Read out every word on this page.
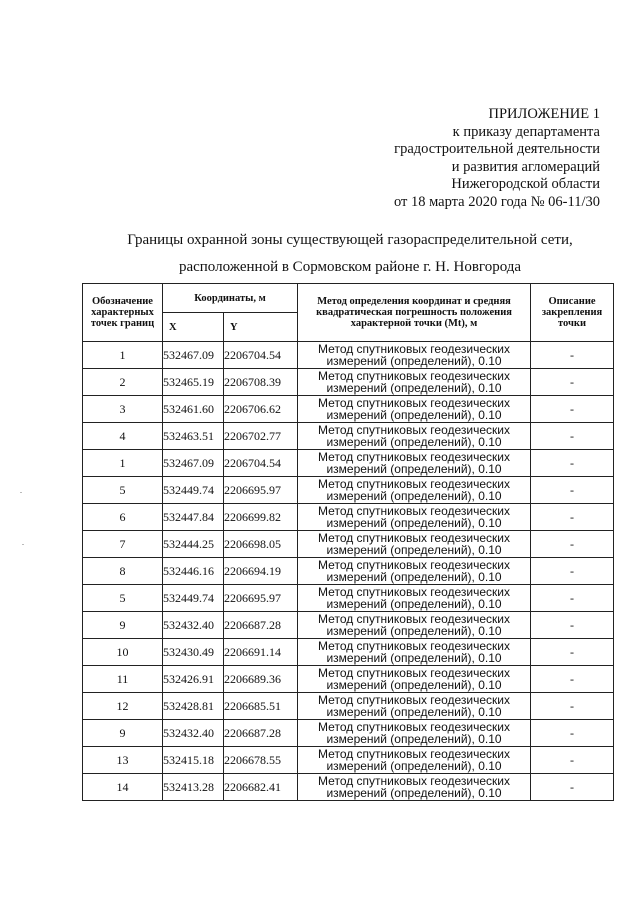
ПРИЛОЖЕНИЕ 1
к приказу департамента
градостроительной деятельности
и развития агломераций
Нижегородской области
от 18 марта 2020 года № 06-11/30
Границы охранной зоны существующей газораспределительной сети,
расположенной в Сормовском районе г. Н. Новгорода
Обозначение характерных точек границ	Координаты, м		Метод определения координат и средняя квадратическая погрешность положения характерной точки (Mt), м	Описание закрепления точки
	X	Y		
1	532467.09	2206704.54	Метод спутниковых геодезических измерений (определений), 0.10	-
2	532465.19	2206708.39	Метод спутниковых геодезических измерений (определений), 0.10	-
3	532461.60	2206706.62	Метод спутниковых геодезических измерений (определений), 0.10	-
4	532463.51	2206702.77	Метод спутниковых геодезических измерений (определений), 0.10	-
1	532467.09	2206704.54	Метод спутниковых геодезических измерений (определений), 0.10	-
5	532449.74	2206695.97	Метод спутниковых геодезических измерений (определений), 0.10	-
6	532447.84	2206699.82	Метод спутниковых геодезических измерений (определений), 0.10	-
7	532444.25	2206698.05	Метод спутниковых геодезических измерений (определений), 0.10	-
8	532446.16	2206694.19	Метод спутниковых геодезических измерений (определений), 0.10	-
5	532449.74	2206695.97	Метод спутниковых геодезических измерений (определений), 0.10	-
9	532432.40	2206687.28	Метод спутниковых геодезических измерений (определений), 0.10	-
10	532430.49	2206691.14	Метод спутниковых геодезических измерений (определений), 0.10	-
11	532426.91	2206689.36	Метод спутниковых геодезических измерений (определений), 0.10	-
12	532428.81	2206685.51	Метод спутниковых геодезических измерений (определений), 0.10	-
9	532432.40	2206687.28	Метод спутниковых геодезических измерений (определений), 0.10	-
13	532415.18	2206678.55	Метод спутниковых геодезических измерений (определений), 0.10	-
14	532413.28	2206682.41	Метод спутниковых геодезических измерений (определений), 0.10	-
